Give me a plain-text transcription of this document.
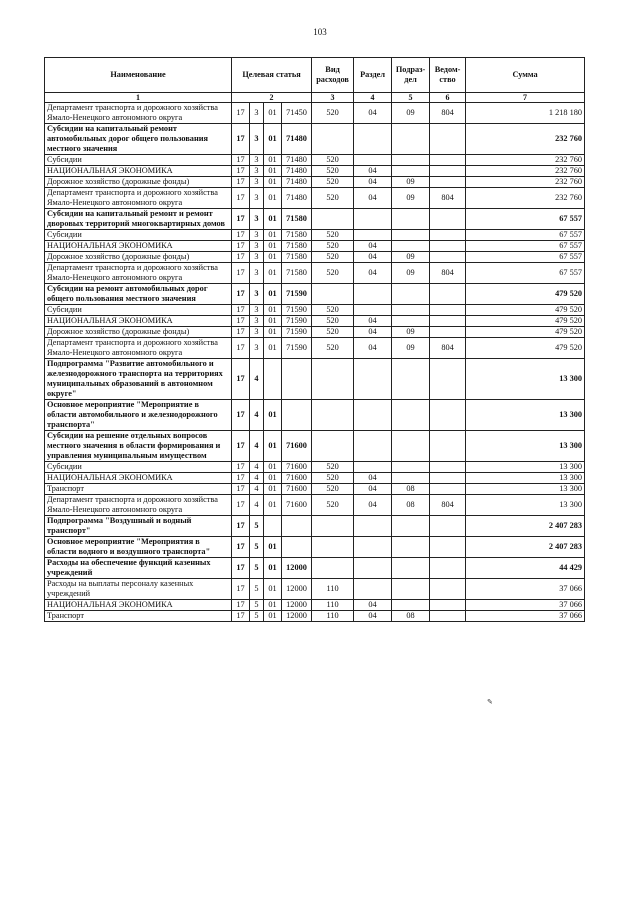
103
Наименование	Целевая статья				Вид расходов	Раздел	Подраз-дел	Ведом-ство	Сумма
1	2				3	4	5	6	7
Департамент транспорта и дорожного хозяйства Ямало-Ненецкого автономного округа	17	3	01	71450	520	04	09	804	1 218 180
Субсидии на капитальный ремонт автомобильных дорог общего пользования местного значения	17	3	01	71480					232 760
Субсидии	17	3	01	71480	520				232 760
НАЦИОНАЛЬНАЯ ЭКОНОМИКА	17	3	01	71480	520	04			232 760
Дорожное хозяйство (дорожные фонды)	17	3	01	71480	520	04	09		232 760
Департамент транспорта и дорожного хозяйства Ямало-Ненецкого автономного округа	17	3	01	71480	520	04	09	804	232 760
Субсидии на капитальный ремонт и ремонт дворовых территорий многоквартирных домов	17	3	01	71580					67 557
Субсидии	17	3	01	71580	520				67 557
НАЦИОНАЛЬНАЯ ЭКОНОМИКА	17	3	01	71580	520	04			67 557
Дорожное хозяйство (дорожные фонды)	17	3	01	71580	520	04	09		67 557
Департамент транспорта и дорожного хозяйства Ямало-Ненецкого автономного округа	17	3	01	71580	520	04	09	804	67 557
Субсидии на ремонт автомобильных дорог общего пользования местного значения	17	3	01	71590					479 520
Субсидии	17	3	01	71590	520				479 520
НАЦИОНАЛЬНАЯ ЭКОНОМИКА	17	3	01	71590	520	04			479 520
Дорожное хозяйство (дорожные фонды)	17	3	01	71590	520	04	09		479 520
Департамент транспорта и дорожного хозяйства Ямало-Ненецкого автономного округа	17	3	01	71590	520	04	09	804	479 520
Подпрограмма "Развитие автомобильного и железнодорожного транспорта на территориях муниципальных образований в автономном округе"	17	4							13 300
Основное мероприятие "Мероприятие в области автомобильного и железнодорожного транспорта"	17	4	01						13 300
Субсидии на решение отдельных вопросов местного значения в области формирования и управления муниципальным имуществом	17	4	01	71600					13 300
Субсидии	17	4	01	71600	520				13 300
НАЦИОНАЛЬНАЯ ЭКОНОМИКА	17	4	01	71600	520	04			13 300
Транспорт	17	4	01	71600	520	04	08		13 300
Департамент транспорта и дорожного хозяйства Ямало-Ненецкого автономного округа	17	4	01	71600	520	04	08	804	13 300
Подпрограмма "Воздушный и водный транспорт"	17	5							2 407 283
Основное мероприятие "Мероприятия в области водного и воздушного транспорта"	17	5	01						2 407 283
Расходы на обеспечение функций казенных учреждений	17	5	01	12000					44 429
Расходы на выплаты персоналу казенных учреждений	17	5	01	12000	110				37 066
НАЦИОНАЛЬНАЯ ЭКОНОМИКА	17	5	01	12000	110	04			37 066
Транспорт	17	5	01	12000	110	04	08		37 066
✎
